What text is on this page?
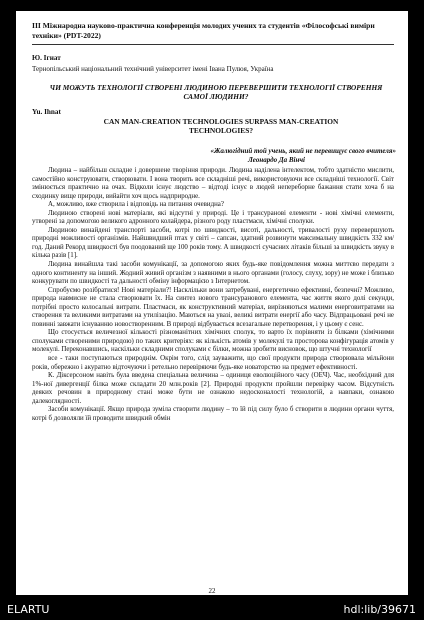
ІІІ Міжнародна науково-практична конференція молодих учених та студентів «Філософські виміри техніки» (PDT-2022)
Ю. Ігнат
Тернопільський національний технічний університет імені Івана Пулюя, Україна
ЧИ МОЖУТЬ ТЕХНОЛОГІЇ СТВОРЕНІ ЛЮДИНОЮ ПЕРЕВЕРШИТИ ТЕХНОЛОГІЇ СТВОРЕННЯ САМОЇ ЛЮДИНИ?
Yu. Ihnat
CAN MAN-CREATION TECHNOLOGIES SURPASS MAN-CREATION TECHNOLOGIES?
«Жалюгідний той учень, який не перевищує свого вчителя»
Леонардо Да Вінчі

Людина – найбільш складне і довершене творіння природи. Людина наділена інтелектом, тобто здатністю мислити, самостійно конструювати, створювати. І вона творить все складніші речі, використовуючи все складніші технології. Світ змінюється практично на очах. Відколи існує людство – відтоді існує в людей непереборне бажання стати хоча б на сходинку вище природи, вийайти хоч щось надприродне.

А, можливо, вже створила і відповідь на питання очевидна?

Людиною створені нові матеріали, які відсутні у природі. Це і трансуранові елементи - нові хімічні елементи, утворені за допомогою великого адронного колайдера, різного роду пластмаси, хімічні сполуки.

Людиною винайдені транспорті засоби, котрі по швидкості, висоті, дальності, тривалості руху перевершують природні можливості організмів. Найшвидший птах у світі – сапсан, здатний розвинути максимальну швидкість 332 км/год. Даний Рекорд швидкості був поодований ще 100 років тому. А швидкості сучасних літаків більші за швидкість звуку в кілька разів [1].

Людина винайшла такі засоби комунікації, за допомогою яких будь-яке повідомлення можна миттєво передати з одного континенту на інший. Жодний живий організм з наявними в нього органами (голосу, слуху, зору) не може і близько конкурувати по швидкості та дальності обміну інформацією з Інтернетом.

Спробуємо розібратися! Нові матеріали?! Насклільки вони затребувані, енергетично ефективні, безпечні? Можливо, природа навмисне не стала створювати їх. На синтез нового трансуранового елемента, час життя якого долі секунди, потрібні просто колосальні витрати. Пластмаси, як конструктивний матеріал, вирізняються малими енерговитратами на створення та великими витратами на утилізацію. Маються на увазі, великі витрати енергії або часу. Відпрацьовані речі не повинні завжати існуванню новостворенним. В природі відбувається всезагальне перетворення, і у цьому є сенс.

Що стосується величезної кількості різноманітних хімічних сполук, то варто їх порівняти із білками (хімічними сполуками створеними природою) по таких критеріях: як кількість атомів у молекулі та просторова конфігурація атомів у молекулі. Переконавшись, наскільки складними сполуками є білки, можна зробити висновок, що штучні технології

все - таки поступаються природнім. Окрім того, слід зауважити, що свої продукти природа створювала мільйони років, обережно і акуратно відточуючи і ретельно перевіряючи будь-яке новаторство на предмет ефективності.

К. Діксерсоном навіть була введена спеціальна величина – одиниця еволюційного часу (ОЕЧ). Час, необхідний для 1%-ної дивергенції білка може складати 20 млн.років [2]. Природні продукти пройшли перевірку часом. Відсутність деяких речовин в природному стані може бути не ознакою недосконалості технологій, а навпаки, ознакою далекоглядності.

Засоби комунікації. Якщо природа зуміла створити людину – то їй під силу було б створити в людини органи чуття, котрі б дозволяли їй проводити швидкий обмін

22
ELARTU	hdl:lib/39671
